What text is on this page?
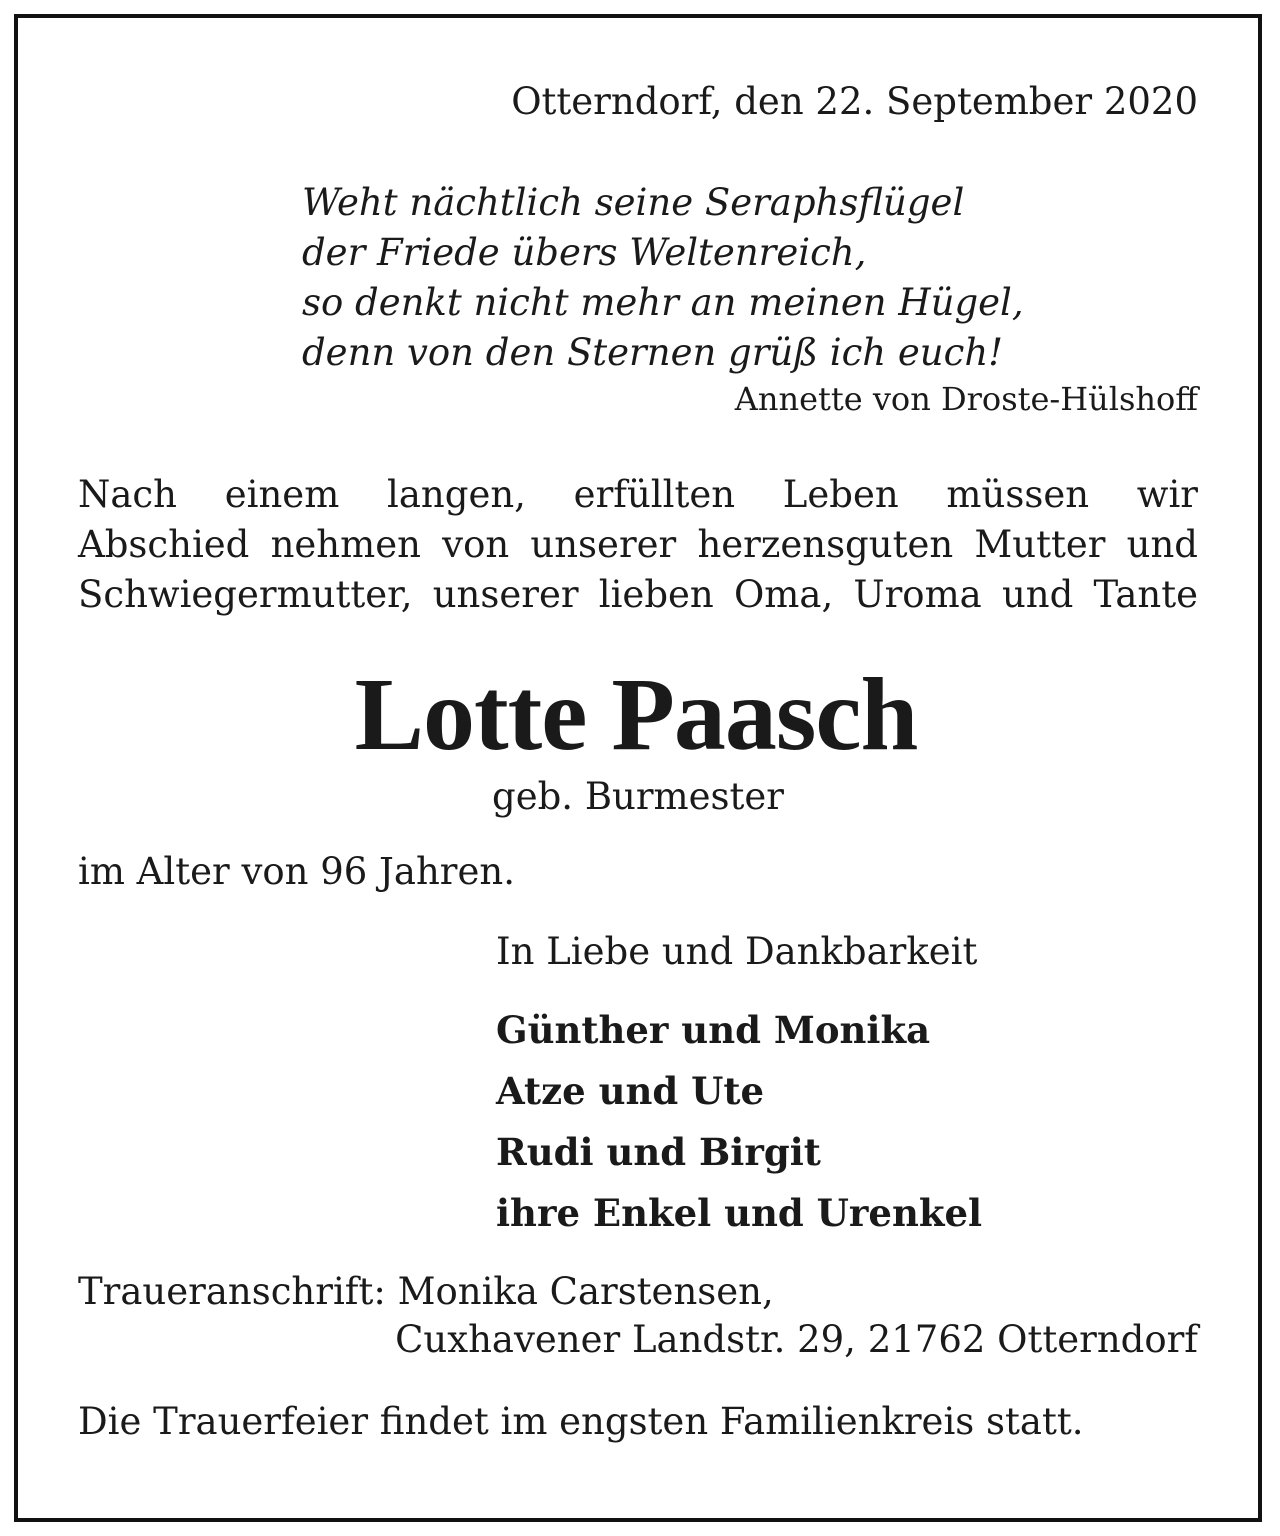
Otterndorf, den 22. September 2020
Weht nächtlich seine Seraphsflügel
der Friede übers Weltenreich,
so denkt nicht mehr an meinen Hügel,
denn von den Sternen grüß ich euch!
Annette von Droste-Hülshoff
Nach einem langen, erfüllten Leben müssen wir
Abschied nehmen von unserer herzensguten Mutter und
Schwiegermutter, unserer lieben Oma, Uroma und Tante
Lotte Paasch
geb. Burmester
im Alter von 96 Jahren.
In Liebe und Dankbarkeit
Günther und Monika
Atze und Ute
Rudi und Birgit
ihre Enkel und Urenkel
Traueranschrift: Monika Carstensen,
Cuxhavener Landstr. 29, 21762 Otterndorf
Die Trauerfeier findet im engsten Familienkreis statt.
